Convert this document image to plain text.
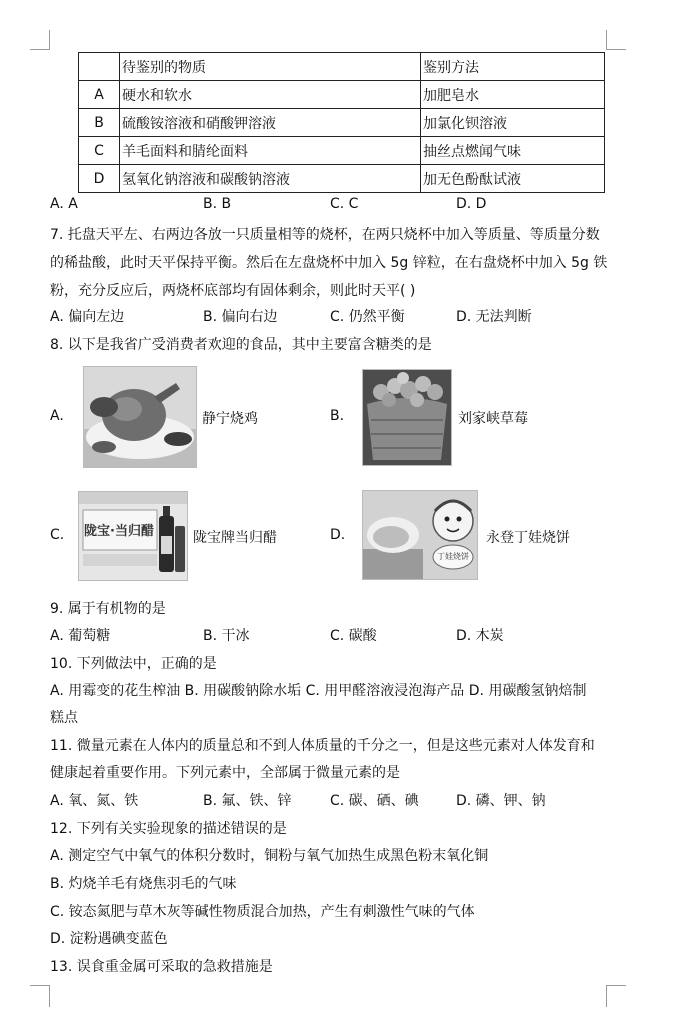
	待鉴别的物质	鉴别方法
A	硬水和软水	加肥皂水
B	硫酸铵溶液和硝酸钾溶液	加氯化钡溶液
C	羊毛面料和腈纶面料	抽丝点燃闻气味
D	氢氧化钠溶液和碳酸钠溶液	加无色酚酞试液
A. A	B. B	C. C	D. D
7. 托盘天平左、右两边各放一只质量相等的烧杯，在两只烧杯中加入等质量、等质量分数
的稀盐酸，此时天平保持平衡。然后在左盘烧杯中加入 5g 锌粒，在右盘烧杯中加入 5g 铁
粉，充分反应后，两烧杯底部均有固体剩余，则此时天平( )
A. 偏向左边	B. 偏向右边	C. 仍然平衡	D. 无法判断
8. 以下是我省广受消费者欢迎的食品，其中主要富含糖类的是
A.	静宁烧鸡	B.	刘家峡草莓
C. 陇宝·当归醋	陇宝牌当归醋	D.
丁娃烧饼
永登丁娃烧饼
9. 属于有机物的是
A. 葡萄糖	B. 干冰	C. 碳酸	D. 木炭
10. 下列做法中，正确的是
A. 用霉变的花生榨油 B. 用碳酸钠除水垢 C. 用甲醛溶液浸泡海产品 D. 用碳酸氢钠焙制
糕点
11. 微量元素在人体内的质量总和不到人体质量的千分之一，但是这些元素对人体发育和
健康起着重要作用。下列元素中，全部属于微量元素的是
A. 氧、氮、铁	B. 氟、铁、锌	C. 碳、硒、碘	D. 磷、钾、钠
12. 下列有关实验现象的描述错误的是
A. 测定空气中氧气的体积分数时，铜粉与氧气加热生成黑色粉末氧化铜
B. 灼烧羊毛有烧焦羽毛的气味
C. 铵态氮肥与草木灰等碱性物质混合加热，产生有刺激性气味的气体
D. 淀粉遇碘变蓝色
13. 误食重金属可采取的急救措施是
